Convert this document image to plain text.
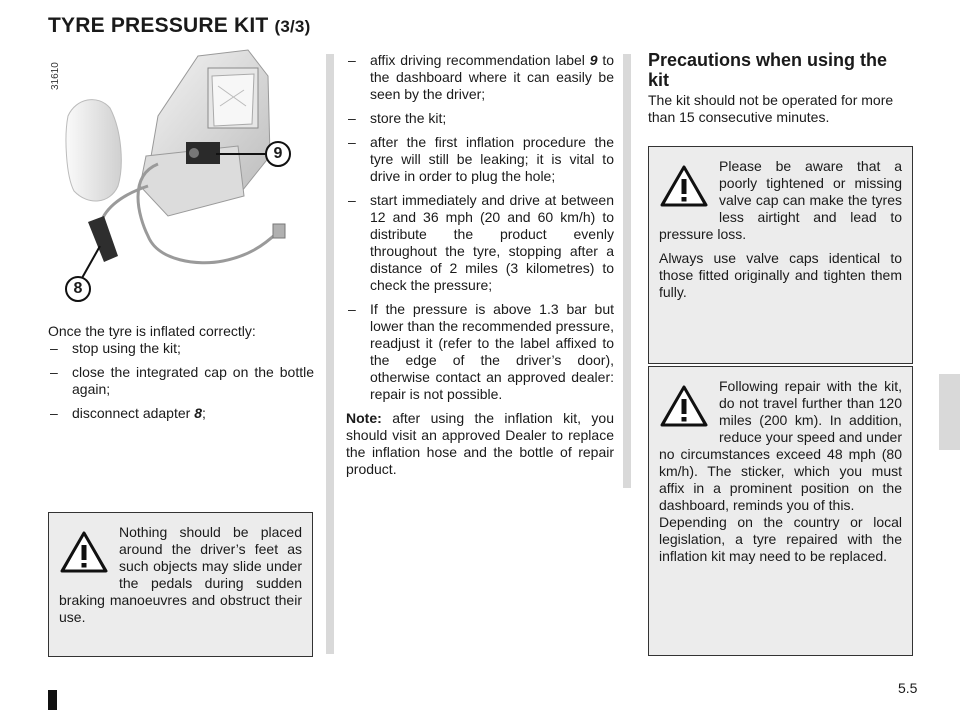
TYRE PRESSURE KIT (3/3)
9
8
31610
Once the tyre is inflated correctly:
– stop using the kit;
– close the integrated cap on the bottle again;
– disconnect adapter 8;

Nothing should be placed around the driver’s feet as such objects may slide under the pedals during sudden braking manoeuvres and obstruct their use.

– affix driving recommendation label 9 to the dashboard where it can easily be seen by the driver;
– store the kit;
– after the first inflation procedure the tyre will still be leaking; it is vital to drive in order to plug the hole;
– start immediately and drive at between 12 and 36 mph (20 and 60 km/h) to distribute the product evenly throughout the tyre, stopping after a distance of 2 miles (3 kilometres) to check the pressure;
– If the pressure is above 1.3 bar but lower than the recommended pressure, readjust it (refer to the label affixed to the edge of the driver’s door), otherwise contact an approved dealer: repair is not possible.
Note: after using the inflation kit, you should visit an approved Dealer to replace the inflation hose and the bottle of repair product.
Precautions when using the kit
The kit should not be operated for more than 15 consecutive minutes.

Please be aware that a poorly tightened or missing valve cap can make the tyres less airtight and lead to pressure loss.

Always use valve caps identical to those fitted originally and tighten them fully.

Following repair with the kit, do not travel further than 120 miles (200 km). In addition, reduce your speed and under no circumstances exceed 48 mph (80 km/h). The sticker, which you must affix in a prominent position on the dashboard, reminds you of this.

Depending on the country or local legislation, a tyre repaired with the inflation kit may need to be replaced.

5.5
